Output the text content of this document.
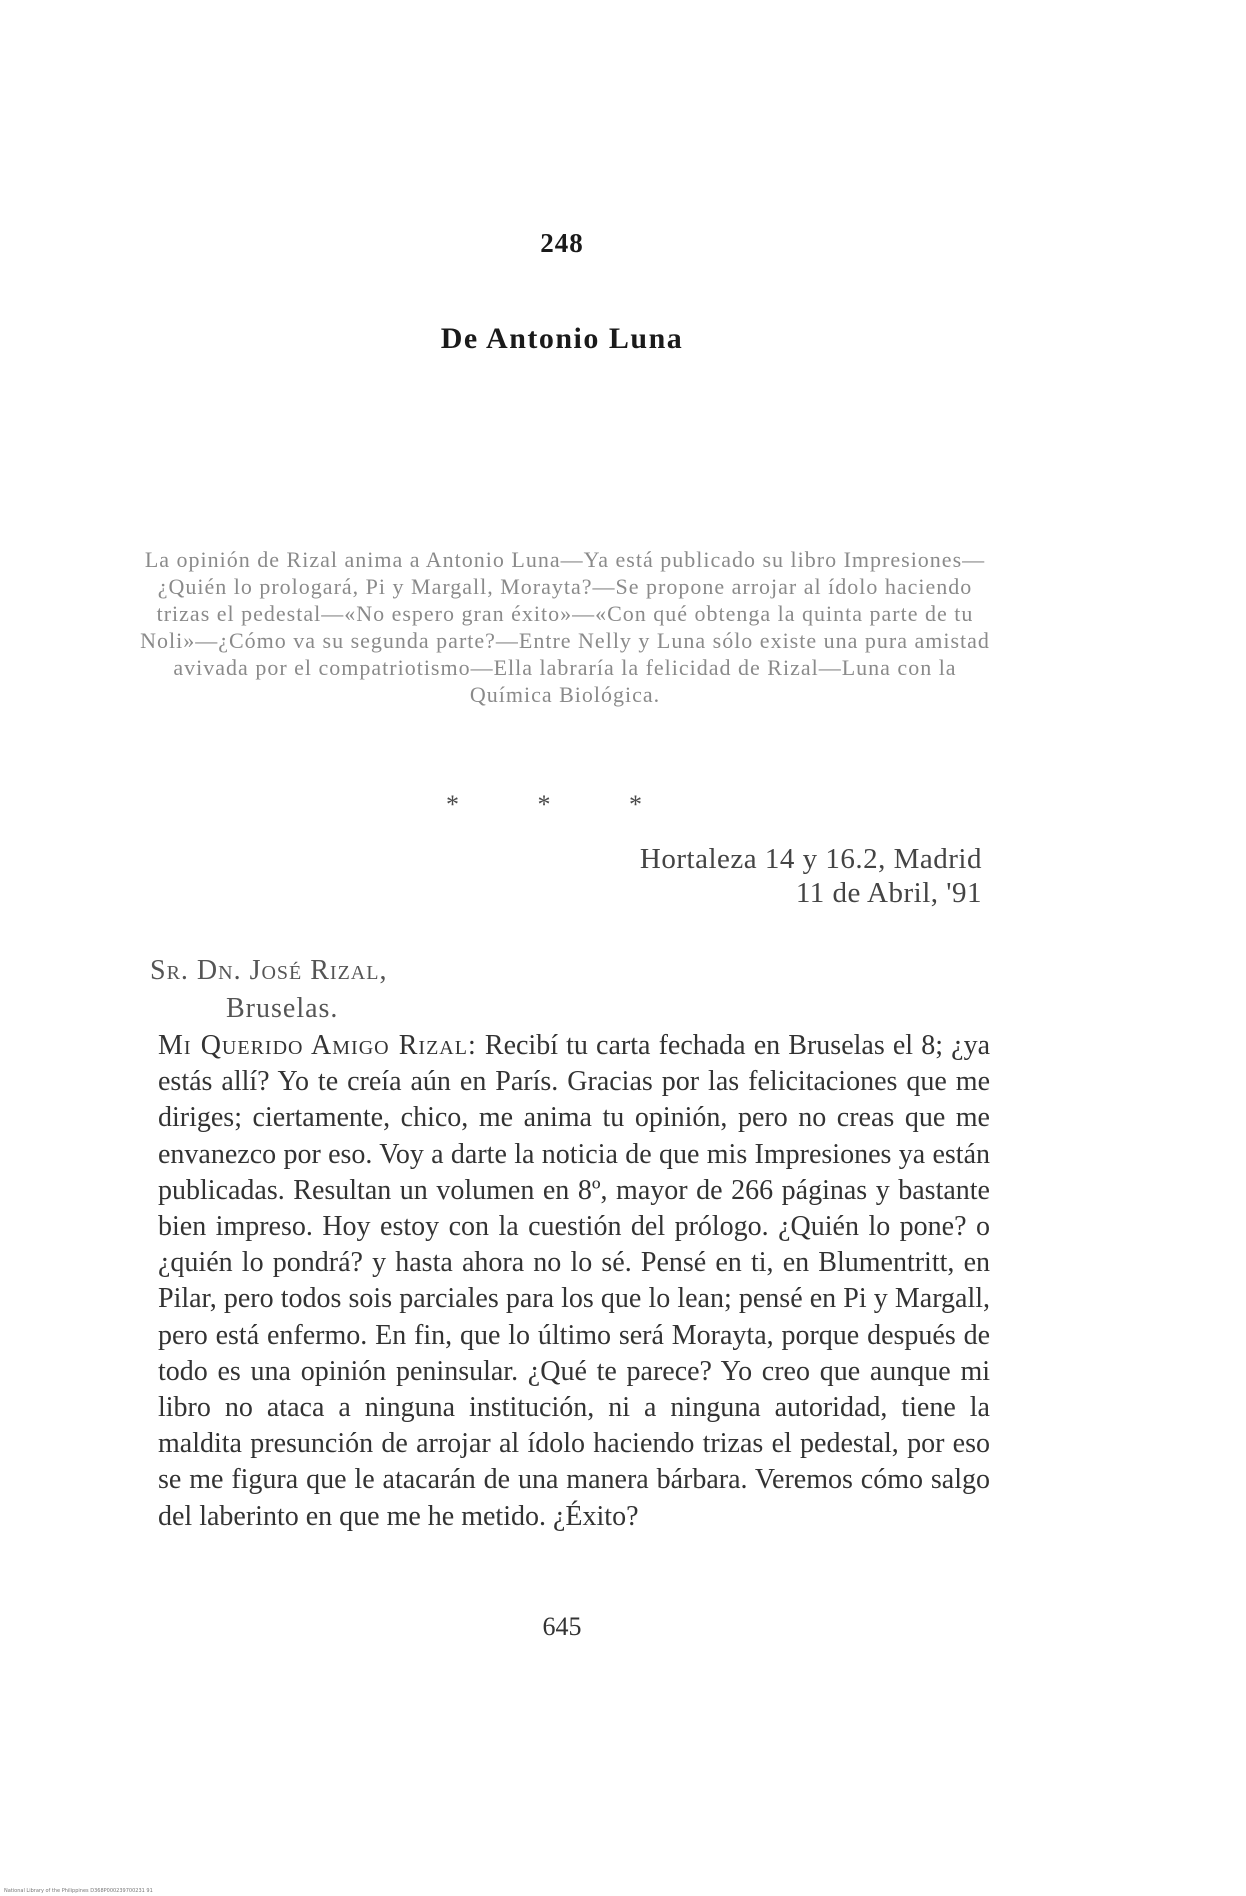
248
De Antonio Luna
La opinión de Rizal anima a Antonio Luna—Ya está publicado su libro Impresiones—¿Quién lo prologará, Pi y Margall, Morayta?—Se propone arrojar al ídolo haciendo trizas el pedestal—«No espero gran éxito»—«Con qué obtenga la quinta parte de tu Noli»—¿Cómo va su segunda parte?—Entre Nelly y Luna sólo existe una pura amistad avivada por el compatriotismo—Ella labraría la felicidad de Rizal—Luna con la Química Biológica.
* * *
Hortaleza 14 y 16.2, Madrid
11 de Abril, '91
Sr. Dn. José Rizal,
Bruselas.
Mi Querido Amigo Rizal: Recibí tu carta fechada en Bruselas el 8; ¿ya estás allí? Yo te creía aún en París. Gracias por las felicitaciones que me diriges; ciertamente, chico, me anima tu opinión, pero no creas que me envanezco por eso. Voy a darte la noticia de que mis Impresiones ya están publicadas. Resultan un volumen en 8º, mayor de 266 páginas y bastante bien impreso. Hoy estoy con la cuestión del prólogo. ¿Quién lo pone? o ¿quién lo pondrá? y hasta ahora no lo sé. Pensé en ti, en Blumentritt, en Pilar, pero todos sois parciales para los que lo lean; pensé en Pi y Margall, pero está enfermo. En fin, que lo último será Morayta, porque después de todo es una opinión peninsular. ¿Qué te parece? Yo creo que aunque mi libro no ataca a ninguna institución, ni a ninguna autoridad, tiene la maldita presunción de arrojar al ídolo haciendo trizas el pedestal, por eso se me figura que le atacarán de una manera bárbara. Veremos cómo salgo del laberinto en que me he metido. ¿Éxito?
645
National Library of the Philippines D368P000239700231 91
